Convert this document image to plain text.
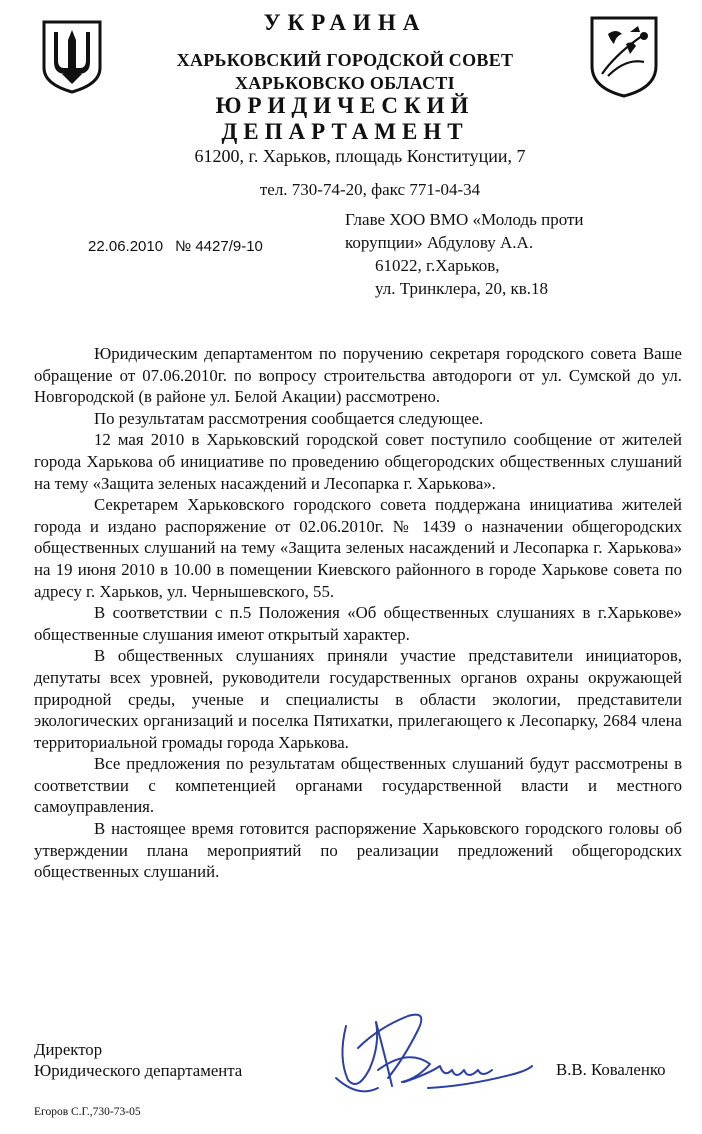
УКРАИНА
ХАРЬКОВСКИЙ ГОРОДСКОЙ СОВЕТ
ХАРЬКОВСКО ОБЛАСТІ
ЮРИДИЧЕСКИЙ
ДЕПАРТАМЕНТ
61200, г. Харьков, площадь Конституции, 7
тел. 730-74-20, факс 771-04-34
22.06.2010 № 4427/9-10
Главе ХОО ВМО «Молодь проти
корупции» Абдулову А.А.
61022, г.Харьков,
ул. Тринклера, 20, кв.18

Юридическим департаментом по поручению секретаря городского совета Ваше обращение от 07.06.2010г. по вопросу строительства автодороги от ул. Сумской до ул. Новгородской (в районе ул. Белой Акации) рассмотрено.

По результатам рассмотрения сообщается следующее.

12 мая 2010 в Харьковский городской совет поступило сообщение от жителей города Харькова об инициативе по проведению общегородских общественных слушаний на тему «Защита зеленых насаждений и Лесопарка г. Харькова».

Секретарем Харьковского городского совета поддержана инициатива жителей города и издано распоряжение от 02.06.2010г. № 1439 о назначении общегородских общественных слушаний на тему «Защита зеленых насаждений и Лесопарка г. Харькова» на 19 июня 2010 в 10.00 в помещении Киевского районного в городе Харькове совета по адресу г. Харьков, ул. Чернышевского, 55.

В соответствии с п.5 Положения «Об общественных слушаниях в г.Харькове» общественные слушания имеют открытый характер.

В общественных слушаниях приняли участие представители инициаторов, депутаты всех уровней, руководители государственных органов охраны окружающей природной среды, ученые и специалисты в области экологии, представители экологических организаций и поселка Пятихатки, прилегающего к Лесопарку, 2684 члена территориальной громады города Харькова.

Все предложения по результатам общественных слушаний будут рассмотрены в соответствии с компетенцией органами государственной власти и местного самоуправления.

В настоящее время готовится распоряжение Харьковского городского головы об утверждении плана мероприятий по реализации предложений общегородских общественных слушаний.

Директор
Юридического департамента	В.В. Коваленко
Егоров С.Г.,730-73-05
